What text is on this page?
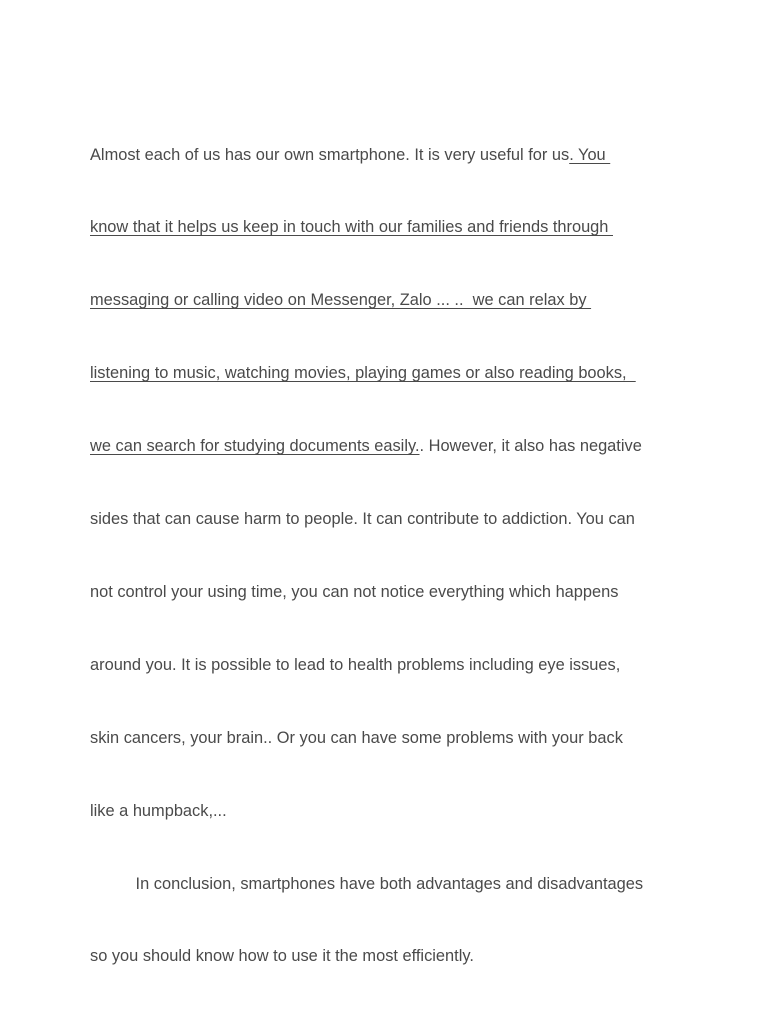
Almost each of us has our own smartphone. It is very useful for us. You

know that it helps us keep in touch with our families and friends through

messaging or calling video on Messenger, Zalo ... ..  we can relax by

listening to music, watching movies, playing games or also reading books,

we can search for studying documents easily.. However, it also has negative

sides that can cause harm to people. It can contribute to addiction. You can

not control your using time, you can not notice everything which happens

around you. It is possible to lead to health problems including eye issues,

skin cancers, your brain.. Or you can have some problems with your back

like a humpback,...

In conclusion, smartphones have both advantages and disadvantages

so you should know how to use it the most efficiently.
